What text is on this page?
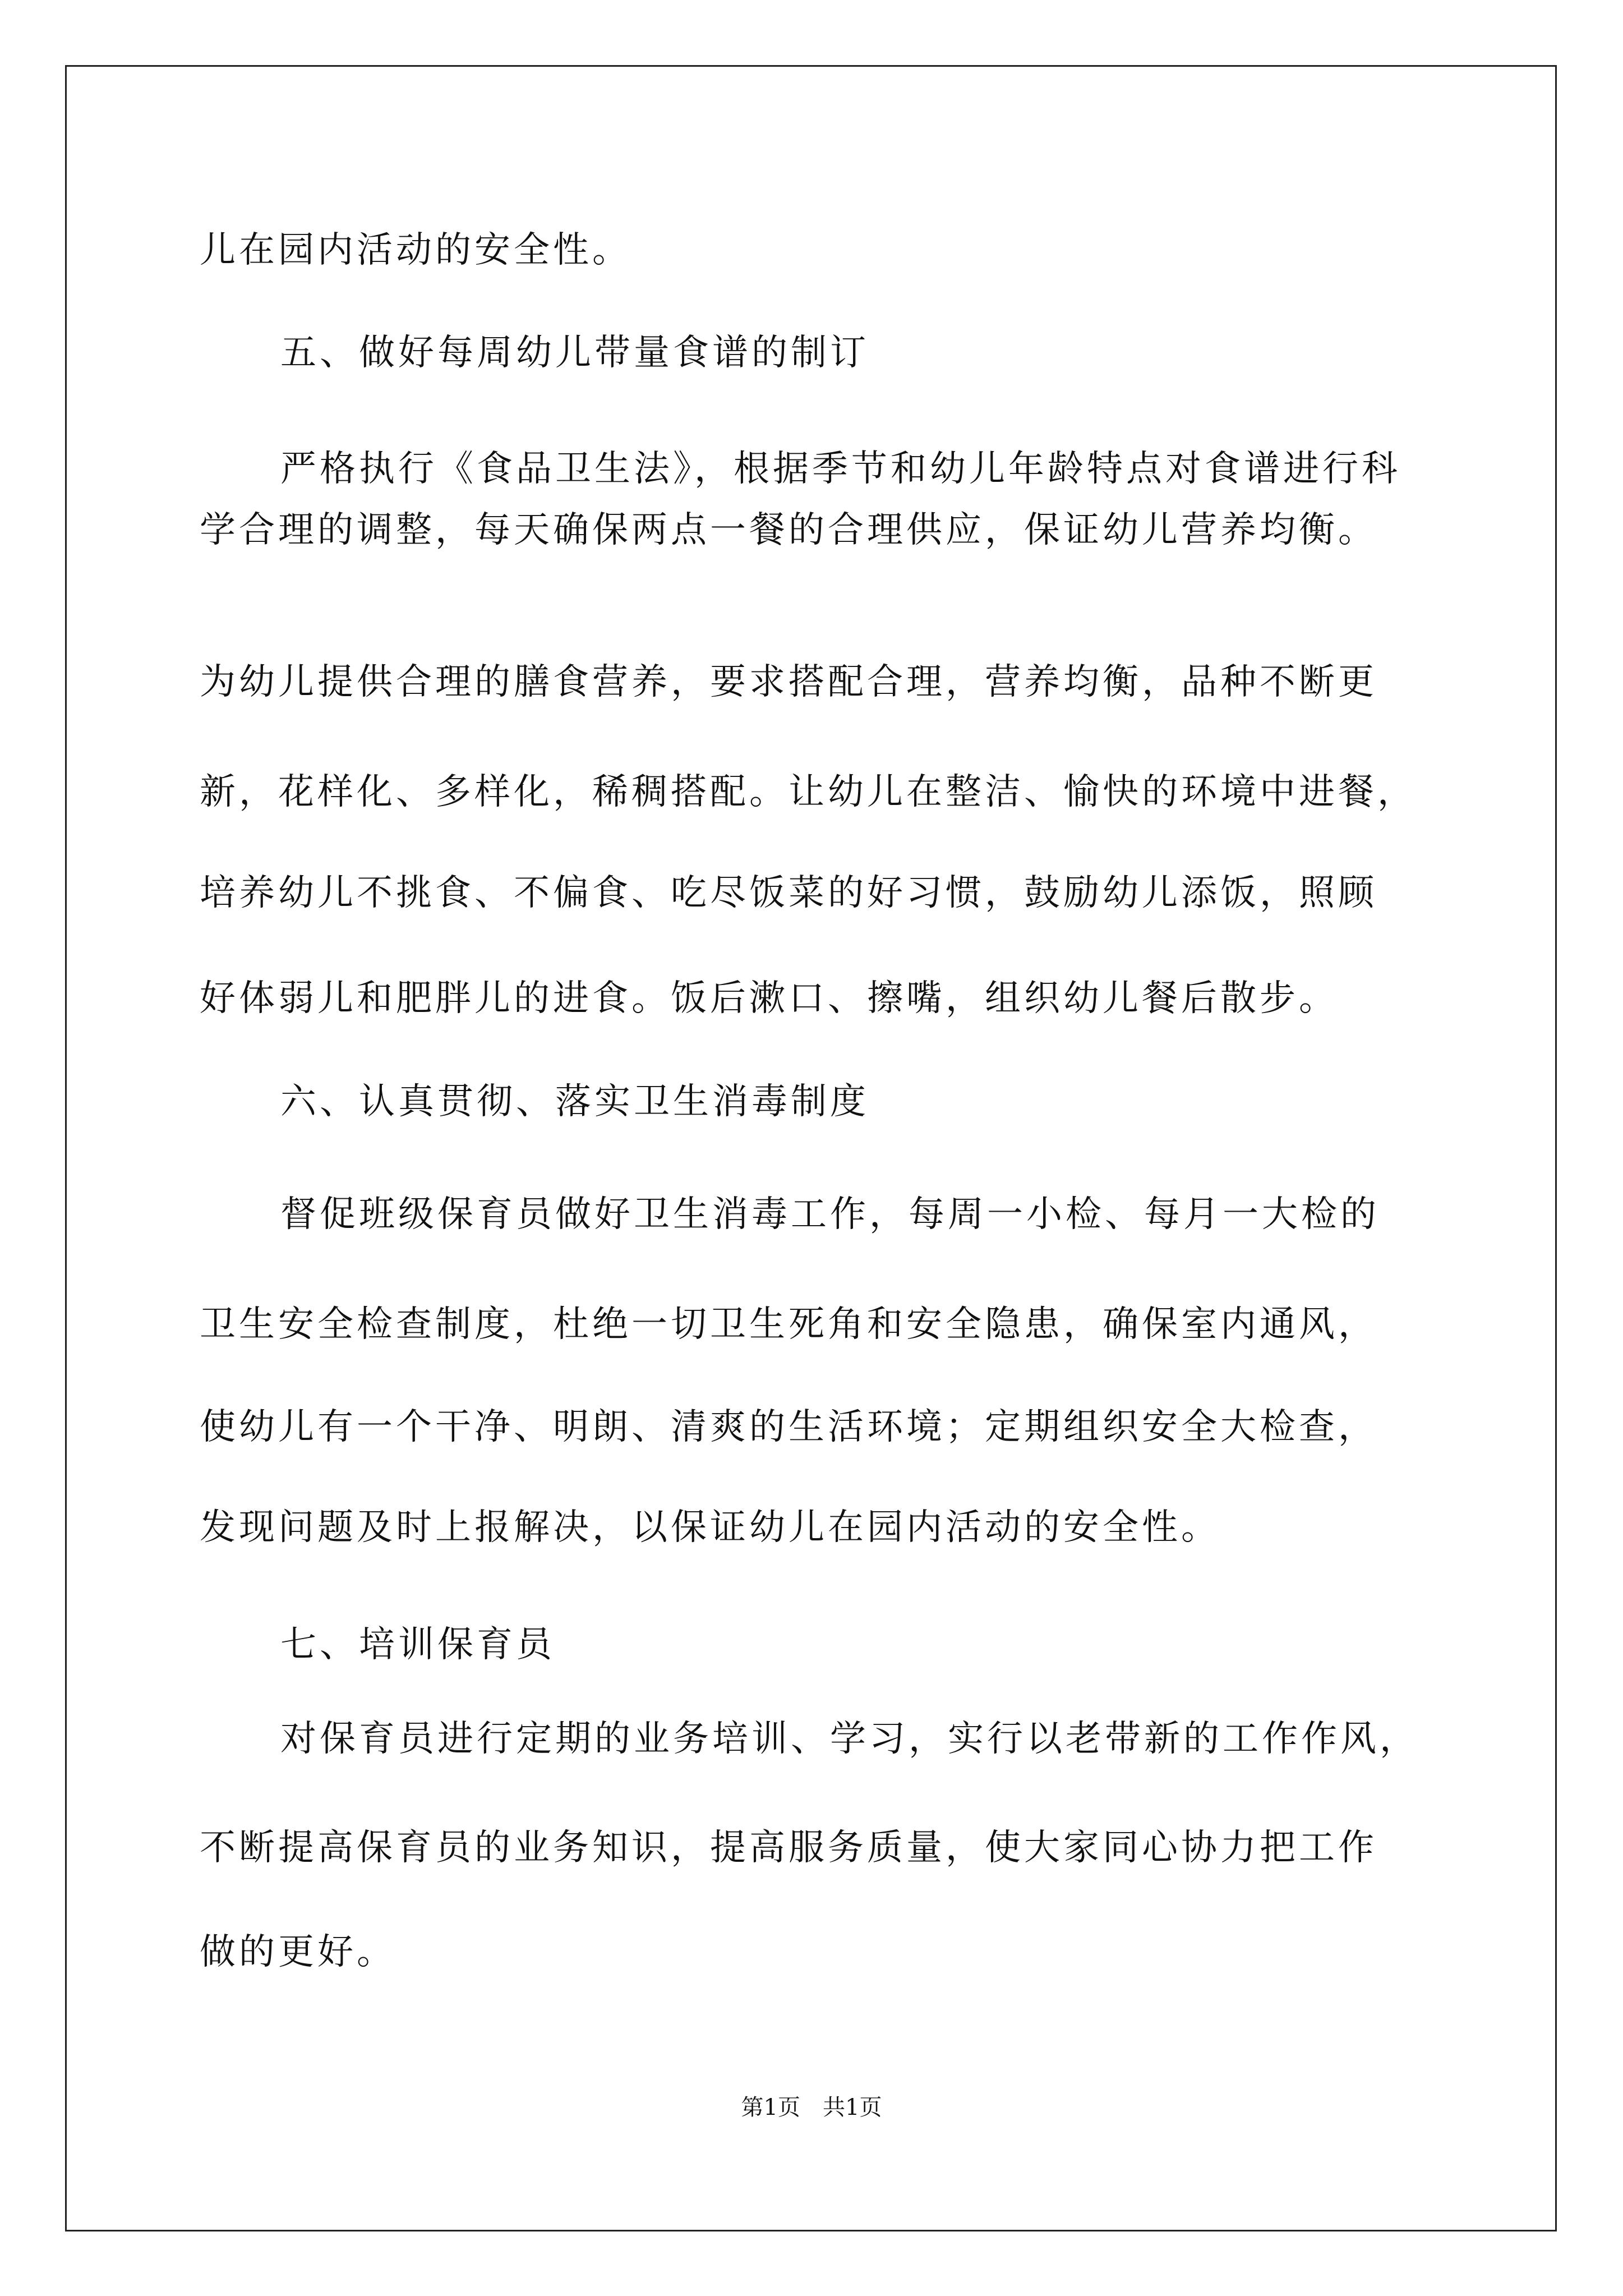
儿在园内活动的安全性。
五、做好每周幼儿带量食谱的制订
严格执行《食品卫生法》，根据季节和幼儿年龄特点对食谱进行科
学合理的调整，每天确保两点一餐的合理供应，保证幼儿营养均衡。
为幼儿提供合理的膳食营养，要求搭配合理，营养均衡，品种不断更
新，花样化、多样化，稀稠搭配。让幼儿在整洁、愉快的环境中进餐，
培养幼儿不挑食、不偏食、吃尽饭菜的好习惯，鼓励幼儿添饭，照顾
好体弱儿和肥胖儿的进食。饭后漱口、擦嘴，组织幼儿餐后散步。
六、认真贯彻、落实卫生消毒制度
督促班级保育员做好卫生消毒工作，每周一小检、每月一大检的
卫生安全检查制度，杜绝一切卫生死角和安全隐患，确保室内通风，
使幼儿有一个干净、明朗、清爽的生活环境；定期组织安全大检查，
发现问题及时上报解决，以保证幼儿在园内活动的安全性。
七、培训保育员
对保育员进行定期的业务培训、学习，实行以老带新的工作作风，
不断提高保育员的业务知识，提高服务质量，使大家同心协力把工作
做的更好。
第1页　共1页
